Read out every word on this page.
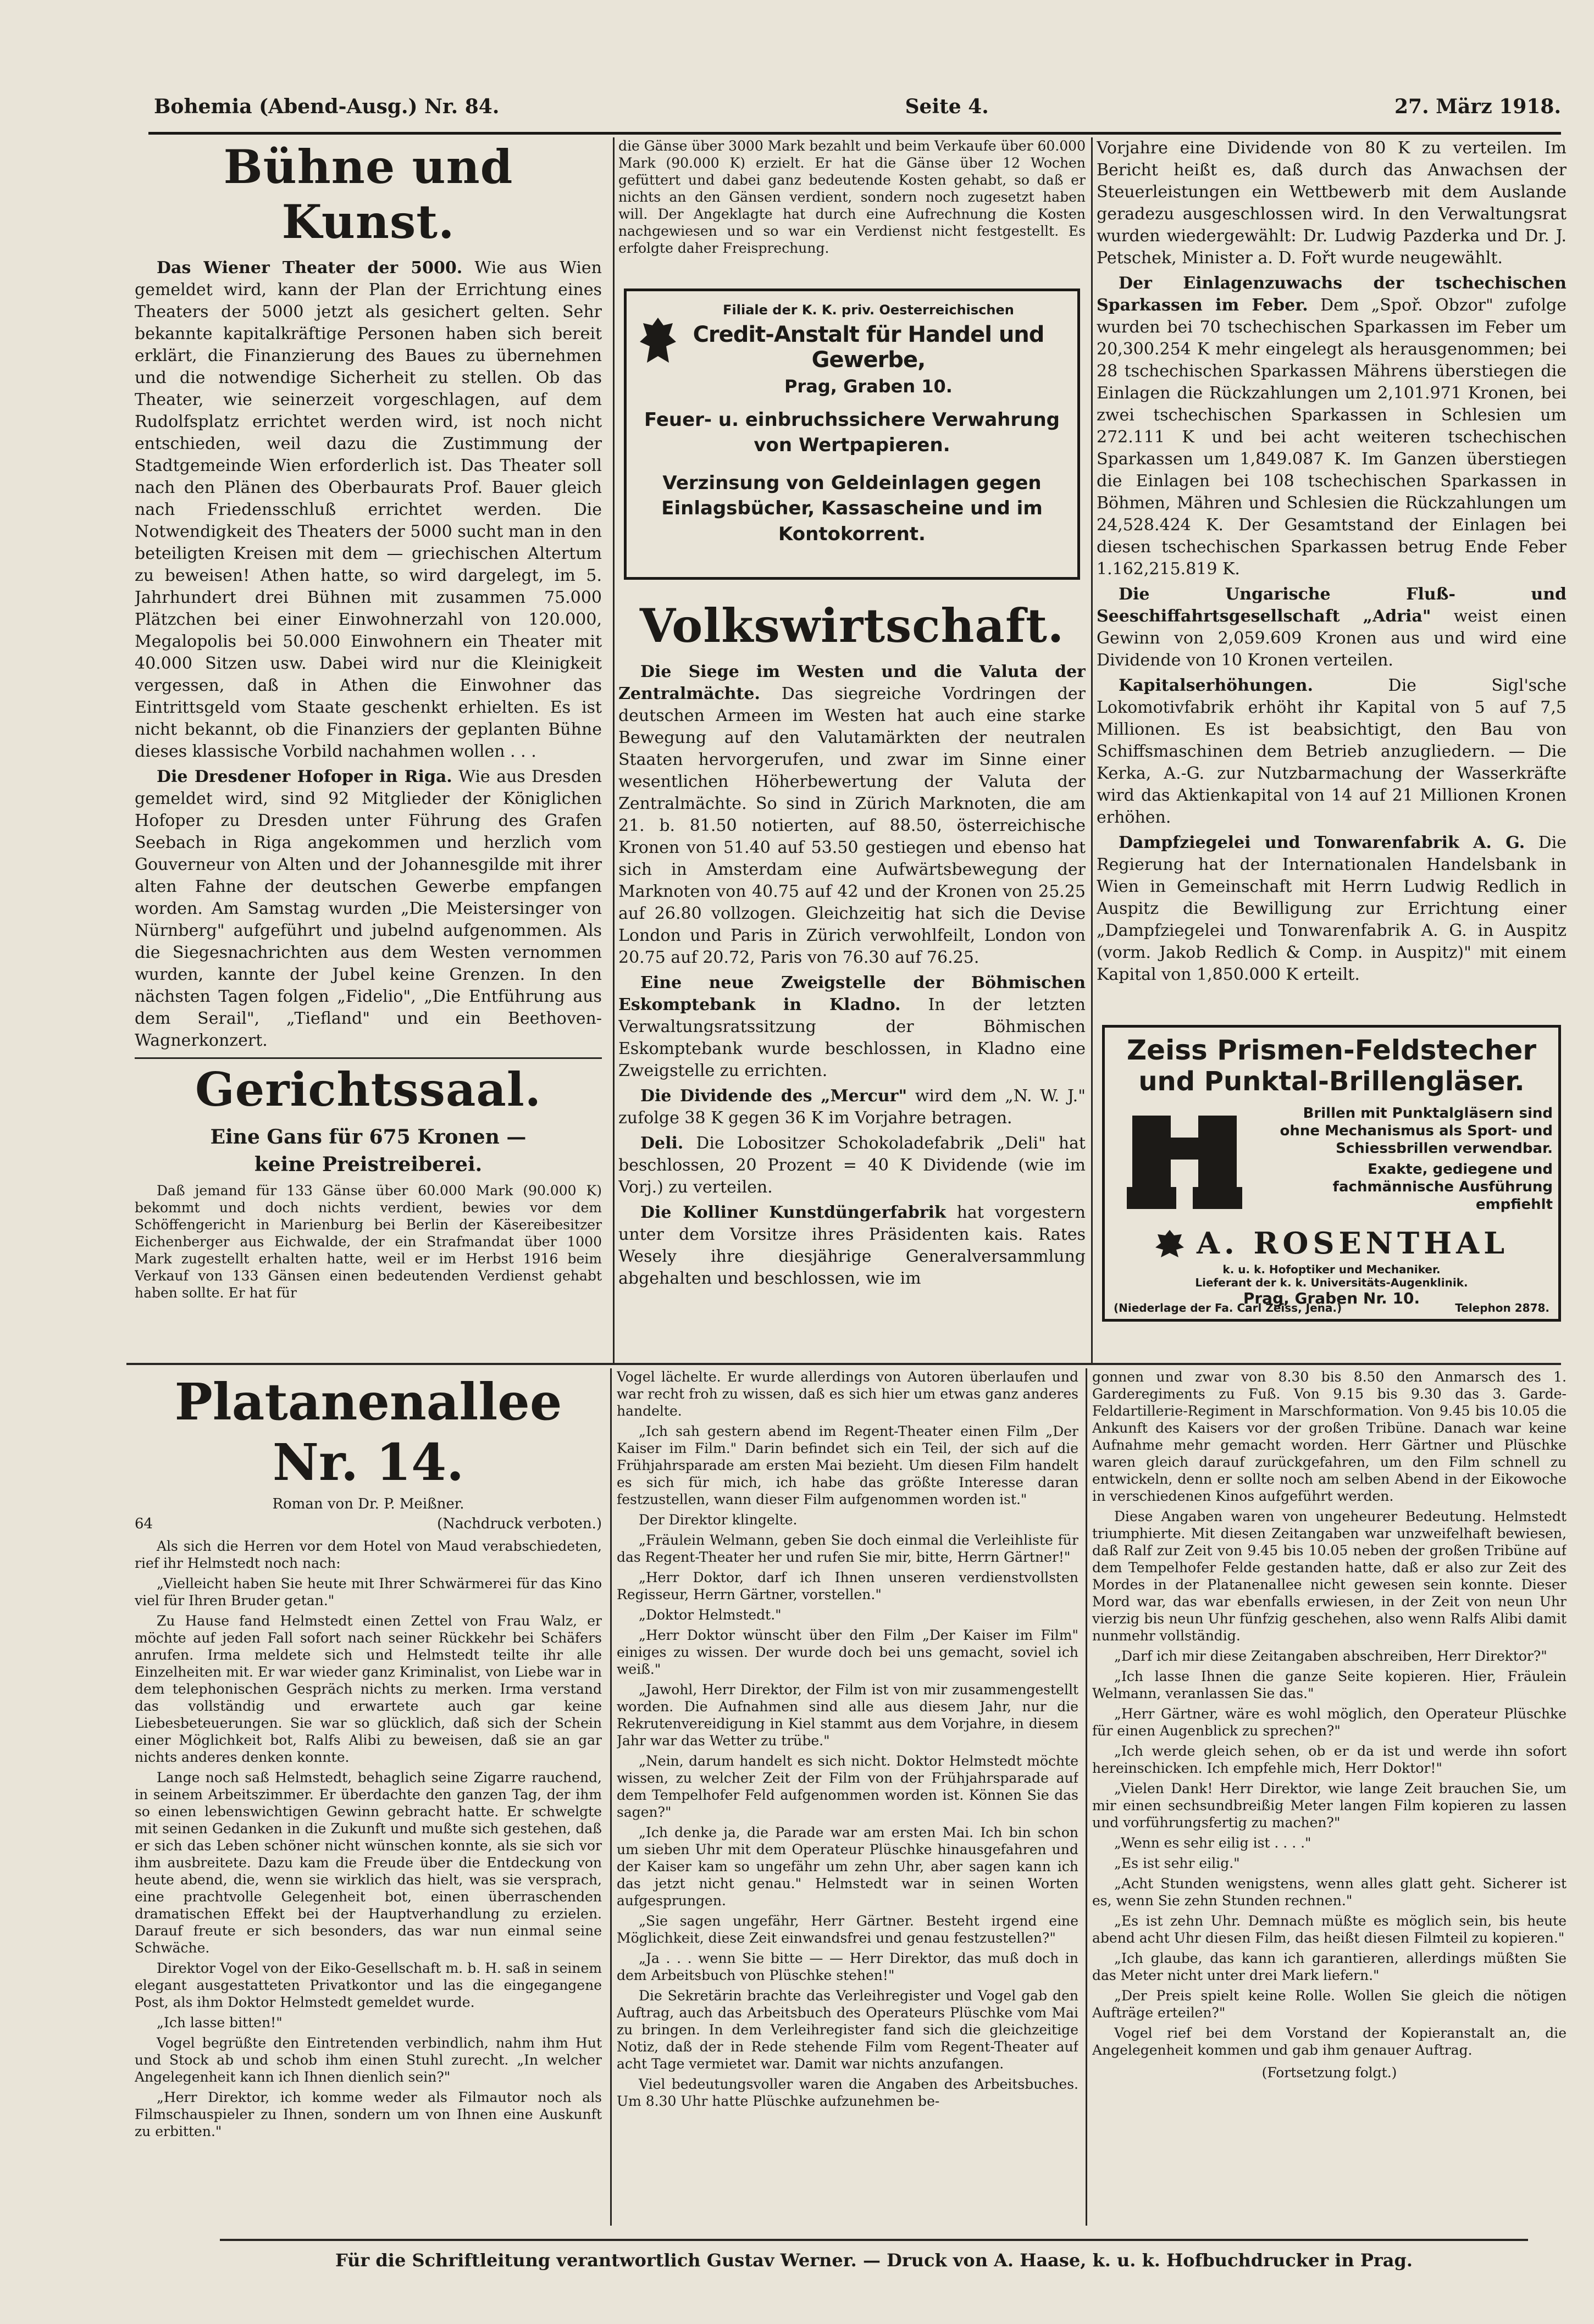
Bohemia (Abend-Ausg.) Nr. 84.	Seite 4.	27. März 1918.
Bühne und Kunst.

Das Wiener Theater der 5000. Wie aus Wien gemeldet wird, kann der Plan der Errichtung eines Theaters der 5000 jetzt als gesichert gelten. Sehr bekannte kapitalkräftige Personen haben sich bereit erklärt, die Finanzierung des Baues zu übernehmen und die notwendige Sicherheit zu stellen. Ob das Theater, wie seinerzeit vorgeschlagen, auf dem Rudolfsplatz errichtet werden wird, ist noch nicht entschieden, weil dazu die Zustimmung der Stadtgemeinde Wien erforderlich ist. Das Theater soll nach den Plänen des Oberbaurats Prof. Bauer gleich nach Friedensschluß errichtet werden. Die Notwendigkeit des Theaters der 5000 sucht man in den beteiligten Kreisen mit dem — griechischen Altertum zu beweisen! Athen hatte, so wird dargelegt, im 5. Jahrhundert drei Bühnen mit zusammen 75.000 Plätzchen bei einer Einwohnerzahl von 120.000, Megalopolis bei 50.000 Einwohnern ein Theater mit 40.000 Sitzen usw. Dabei wird nur die Kleinigkeit vergessen, daß in Athen die Einwohner das Eintrittsgeld vom Staate geschenkt erhielten. Es ist nicht bekannt, ob die Finanziers der geplanten Bühne dieses klassische Vorbild nachahmen wollen . . .

Die Dresdener Hofoper in Riga. Wie aus Dresden gemeldet wird, sind 92 Mitglieder der Königlichen Hofoper zu Dresden unter Führung des Grafen Seebach in Riga angekommen und herzlich vom Gouverneur von Alten und der Johannesgilde mit ihrer alten Fahne der deutschen Gewerbe empfangen worden. Am Samstag wurden „Die Meistersinger von Nürnberg" aufgeführt und jubelnd aufgenommen. Als die Siegesnachrichten aus dem Westen vernommen wurden, kannte der Jubel keine Grenzen. In den nächsten Tagen folgen „Fidelio", „Die Entführung aus dem Serail", „Tiefland" und ein Beethoven-Wagnerkonzert.

Gerichtssaal.
Eine Gans für 675 Kronen —
keine Preistreiberei.

Daß jemand für 133 Gänse über 60.000 Mark (90.000 K) bekommt und doch nichts verdient, bewies vor dem Schöffengericht in Marienburg bei Berlin der Käsereibesitzer Eichenberger aus Eichwalde, der ein Strafmandat über 1000 Mark zugestellt erhalten hatte, weil er im Herbst 1916 beim Verkauf von 133 Gänsen einen bedeutenden Verdienst gehabt haben sollte. Er hat für

die Gänse über 3000 Mark bezahlt und beim Verkaufe über 60.000 Mark (90.000 K) erzielt. Er hat die Gänse über 12 Wochen gefüttert und dabei ganz bedeutende Kosten gehabt, so daß er nichts an den Gänsen verdient, sondern noch zugesetzt haben will. Der Angeklagte hat durch eine Aufrechnung die Kosten nachgewiesen und so war ein Verdienst nicht festgestellt. Es erfolgte daher Freisprechung.

Filiale der K. K. priv. Oesterreichischen

Credit-Anstalt für Handel und Gewerbe,

Prag, Graben 10.

Feuer- u. einbruchssichere Verwahrung

von Wertpapieren.

Verzinsung von Geldeinlagen gegen Einlagsbücher, Kassascheine und im

Kontokorrent.

Volkswirtschaft.

Die Siege im Westen und die Valuta der Zentralmächte. Das siegreiche Vordringen der deutschen Armeen im Westen hat auch eine starke Bewegung auf den Valutamärkten der neutralen Staaten hervorgerufen, und zwar im Sinne einer wesentlichen Höherbewertung der Valuta der Zentralmächte. So sind in Zürich Marknoten, die am 21. b. 81.50 notierten, auf 88.50, österreichische Kronen von 51.40 auf 53.50 gestiegen und ebenso hat sich in Amsterdam eine Aufwärtsbewegung der Marknoten von 40.75 auf 42 und der Kronen von 25.25 auf 26.80 vollzogen. Gleichzeitig hat sich die Devise London und Paris in Zürich verwohlfeilt, London von 20.75 auf 20.72, Paris von 76.30 auf 76.25.

Eine neue Zweigstelle der Böhmischen Eskomptebank in Kladno. In der letzten Verwaltungsratssitzung der Böhmischen Eskomptebank wurde beschlossen, in Kladno eine Zweigstelle zu errichten.

Die Dividende des „Mercur" wird dem „N. W. J." zufolge 38 K gegen 36 K im Vorjahre betragen.

Deli. Die Lobositzer Schokoladefabrik „Deli" hat beschlossen, 20 Prozent = 40 K Dividende (wie im Vorj.) zu verteilen.

Die Kolliner Kunstdüngerfabrik hat vorgestern unter dem Vorsitze ihres Präsidenten kais. Rates Wesely ihre diesjährige Generalversammlung abgehalten und beschlossen, wie im

Vorjahre eine Dividende von 80 K zu verteilen. Im Bericht heißt es, daß durch das Anwachsen der Steuerleistungen ein Wettbewerb mit dem Auslande geradezu ausgeschlossen wird. In den Verwaltungsrat wurden wiedergewählt: Dr. Ludwig Pazderka und Dr. J. Petschek, Minister a. D. Fořt wurde neugewählt.

Der Einlagenzuwachs der tschechischen Sparkassen im Feber. Dem „Spoř. Obzor" zufolge wurden bei 70 tschechischen Sparkassen im Feber um 20,300.254 K mehr eingelegt als herausgenommen; bei 28 tschechischen Sparkassen Mährens überstiegen die Einlagen die Rückzahlungen um 2,101.971 Kronen, bei zwei tschechischen Sparkassen in Schlesien um 272.111 K und bei acht weiteren tschechischen Sparkassen um 1,849.087 K. Im Ganzen überstiegen die Einlagen bei 108 tschechischen Sparkassen in Böhmen, Mähren und Schlesien die Rückzahlungen um 24,528.424 K. Der Gesamtstand der Einlagen bei diesen tschechischen Sparkassen betrug Ende Feber 1.162,215.819 K.

Die Ungarische Fluß- und Seeschiffahrtsgesellschaft „Adria" weist einen Gewinn von 2,059.609 Kronen aus und wird eine Dividende von 10 Kronen verteilen.

Kapitalserhöhungen.	Die Sigl'sche Lokomotivfabrik erhöht ihr Kapital von 5 auf 7,5 Millionen. Es ist beabsichtigt, den Bau von Schiffsmaschinen dem Betrieb anzugliedern. — Die Kerka, A.-G. zur Nutzbarmachung der Wasserkräfte wird das Aktienkapital von 14 auf 21 Millionen Kronen erhöhen.

Dampfziegelei und Tonwarenfabrik A. G. Die Regierung hat der Internationalen Handelsbank in Wien in Gemeinschaft mit Herrn Ludwig Redlich in Auspitz die Bewilligung zur Errichtung einer „Dampfziegelei und Tonwarenfabrik A. G. in Auspitz (vorm. Jakob Redlich & Comp. in Auspitz)" mit einem Kapital von 1,850.000 K erteilt.

Zeiss Prismen-Feldstecher

und Punktal-Brillengläser.

Brillen mit Punktalgläsern sind ohne Mechanismus als Sport- und Schiessbrillen verwendbar.

Exakte, gediegene und fachmännische Ausführung empfiehlt

A. ROSENTHAL

k. u. k. Hofoptiker und Mechaniker.

Lieferant der k. k. Universitäts-Augenklinik.

Prag, Graben Nr. 10.

(Niederlage der Fa. Carl Zeiss, Jena.)	Telephon 2878.
Platanenallee Nr. 14.
Roman von Dr. P. Meißner.
64	(Nachdruck verboten.)

Als sich die Herren vor dem Hotel von Maud verabschiedeten, rief ihr Helmstedt noch nach:

„Vielleicht haben Sie heute mit Ihrer Schwärmerei für das Kino viel für Ihren Bruder getan."

Zu Hause fand Helmstedt einen Zettel von Frau Walz, er möchte auf jeden Fall sofort nach seiner Rückkehr bei Schäfers anrufen. Irma meldete sich und Helmstedt teilte ihr alle Einzelheiten mit. Er war wieder ganz Kriminalist, von Liebe war in dem telephonischen Gespräch nichts zu merken. Irma verstand das vollständig und erwartete auch gar keine Liebesbeteuerungen. Sie war so glücklich, daß sich der Schein einer Möglichkeit bot, Ralfs Alibi zu beweisen, daß sie an gar nichts anderes denken konnte.

Lange noch saß Helmstedt, behaglich seine Zigarre rauchend, in seinem Arbeitszimmer. Er überdachte den ganzen Tag, der ihm so einen lebenswichtigen Gewinn gebracht hatte. Er schwelgte mit seinen Gedanken in die Zukunft und mußte sich gestehen, daß er sich das Leben schöner nicht wünschen konnte, als sie sich vor ihm ausbreitete. Dazu kam die Freude über die Entdeckung von heute abend, die, wenn sie wirklich das hielt, was sie versprach, eine prachtvolle Gelegenheit bot, einen überraschenden dramatischen Effekt bei der Hauptverhandlung zu erzielen. Darauf freute er sich besonders, das war nun einmal seine Schwäche.

Direktor Vogel von der Eiko-Gesellschaft m. b. H. saß in seinem elegant ausgestatteten Privatkontor und las die eingegangene Post, als ihm Doktor Helmstedt gemeldet wurde.

„Ich lasse bitten!"

Vogel begrüßte den Eintretenden verbindlich, nahm ihm Hut und Stock ab und schob ihm einen Stuhl zurecht. „In welcher Angelegenheit kann ich Ihnen dienlich sein?"

„Herr Direktor, ich komme weder als Filmautor noch als Filmschauspieler zu Ihnen, sondern um von Ihnen eine Auskunft zu erbitten."

Vogel lächelte. Er wurde allerdings von Autoren überlaufen und war recht froh zu wissen, daß es sich hier um etwas ganz anderes handelte.

„Ich sah gestern abend im Regent-Theater einen Film „Der Kaiser im Film." Darin befindet sich ein Teil, der sich auf die Frühjahrsparade am ersten Mai bezieht. Um diesen Film handelt es sich für mich, ich habe das größte Interesse daran festzustellen, wann dieser Film aufgenommen worden ist."

Der Direktor klingelte.

„Fräulein Welmann, geben Sie doch einmal die Verleihliste für das Regent-Theater her und rufen Sie mir, bitte, Herrn Gärtner!"

„Herr Doktor, darf ich Ihnen unseren verdienstvollsten Regisseur, Herrn Gärtner, vorstellen."

„Doktor Helmstedt."

„Herr Doktor wünscht über den Film „Der Kaiser im Film" einiges zu wissen. Der wurde doch bei uns gemacht, soviel ich weiß."

„Jawohl, Herr Direktor, der Film ist von mir zusammengestellt worden. Die Aufnahmen sind alle aus diesem Jahr, nur die Rekrutenvereidigung in Kiel stammt aus dem Vorjahre, in diesem Jahr war das Wetter zu trübe."

„Nein, darum handelt es sich nicht. Doktor Helmstedt möchte wissen, zu welcher Zeit der Film von der Frühjahrsparade auf dem Tempelhofer Feld aufgenommen worden ist. Können Sie das sagen?"

„Ich denke ja, die Parade war am ersten Mai. Ich bin schon um sieben Uhr mit dem Operateur Plüschke hinausgefahren und der Kaiser kam so ungefähr um zehn Uhr, aber sagen kann ich das jetzt nicht genau." Helmstedt war in seinen Worten aufgesprungen.

„Sie sagen ungefähr, Herr Gärtner. Besteht irgend eine Möglichkeit, diese Zeit einwandsfrei und genau festzustellen?"

„Ja . . . wenn Sie bitte — — Herr Direktor, das muß doch in dem Arbeitsbuch von Plüschke stehen!"

Die Sekretärin brachte das Verleihregister und Vogel gab den Auftrag, auch das Arbeitsbuch des Operateurs Plüschke vom Mai zu bringen. In dem Verleihregister fand sich die gleichzeitige Notiz, daß der in Rede stehende Film vom Regent-Theater auf acht Tage vermietet war. Damit war nichts anzufangen.

Viel bedeutungsvoller waren die Angaben des Arbeitsbuches. Um 8.30 Uhr hatte Plüschke aufzunehmen be-

gonnen und zwar von 8.30 bis 8.50 den Anmarsch des 1. Garderegiments zu Fuß. Von 9.15 bis 9.30 das 3. Garde-Feldartillerie-Regiment in Marschformation. Von 9.45 bis 10.05 die Ankunft des Kaisers vor der großen Tribüne. Danach war keine Aufnahme mehr gemacht worden. Herr Gärtner und Plüschke waren gleich darauf zurückgefahren, um den Film schnell zu entwickeln, denn er sollte noch am selben Abend in der Eikowoche in verschiedenen Kinos aufgeführt werden.

Diese Angaben waren von ungeheurer Bedeutung. Helmstedt triumphierte. Mit diesen Zeitangaben war unzweifelhaft bewiesen, daß Ralf zur Zeit von 9.45 bis 10.05 neben der großen Tribüne auf dem Tempelhofer Felde gestanden hatte, daß er also zur Zeit des Mordes in der Platanenallee nicht gewesen sein konnte. Dieser Mord war, das war ebenfalls erwiesen, in der Zeit von neun Uhr vierzig bis neun Uhr fünfzig geschehen, also wenn Ralfs Alibi damit nunmehr vollständig.

„Darf ich mir diese Zeitangaben abschreiben, Herr Direktor?"

„Ich lasse Ihnen die ganze Seite kopieren. Hier, Fräulein Welmann, veranlassen Sie das."

„Herr Gärtner, wäre es wohl möglich, den Operateur Plüschke für einen Augenblick zu sprechen?"

„Ich werde gleich sehen, ob er da ist und werde ihn sofort hereinschicken. Ich empfehle mich, Herr Doktor!"

„Vielen Dank! Herr Direktor, wie lange Zeit brauchen Sie, um mir einen sechsundbreißig Meter langen Film kopieren zu lassen und vorführungsfertig zu machen?"

„Wenn es sehr eilig ist . . . ."

„Es ist sehr eilig."

„Acht Stunden wenigstens, wenn alles glatt geht. Sicherer ist es, wenn Sie zehn Stunden rechnen."

„Es ist zehn Uhr. Demnach müßte es möglich sein, bis heute abend acht Uhr diesen Film, das heißt diesen Filmteil zu kopieren."

„Ich glaube, das kann ich garantieren, allerdings müßten Sie das Meter nicht unter drei Mark liefern."

„Der Preis spielt keine Rolle. Wollen Sie gleich die nötigen Aufträge erteilen?"

Vogel rief bei dem Vorstand der Kopieranstalt an, die Angelegenheit kommen und gab ihm genauer Auftrag.

(Fortsetzung folgt.)

Für die Schriftleitung verantwortlich Gustav Werner. — Druck von A. Haase, k. u. k. Hofbuchdrucker in Prag.
